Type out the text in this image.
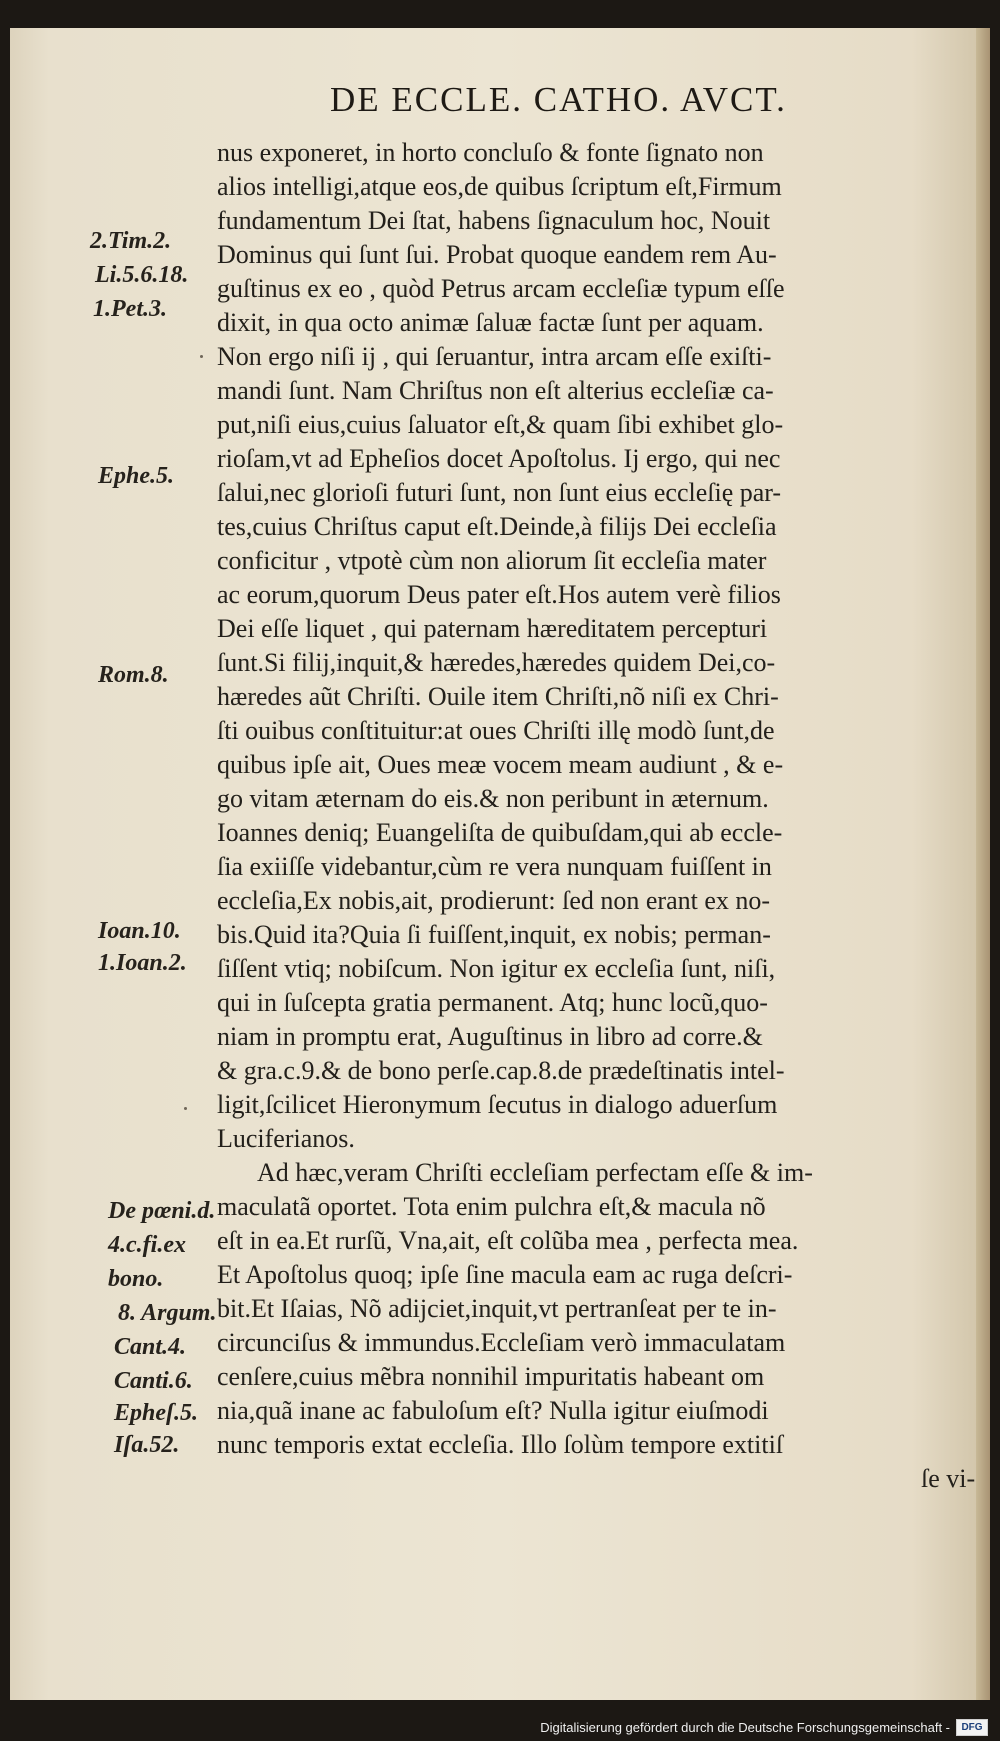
DE ECCLE. CATHO. AVCT.
nus exponeret, in horto concluſo & fonte ſignato non
alios intelligi,atque eos,de quibus ſcriptum eſt,Firmum
fundamentum Dei ſtat, habens ſignaculum hoc, Nouit
Dominus qui ſunt ſui. Probat quoque eandem rem Au-
guſtinus ex eo , quòd Petrus arcam eccleſiæ typum eſſe
dixit, in qua octo animæ ſaluæ factæ ſunt per aquam.
Non ergo niſi ij , qui ſeruantur, intra arcam eſſe exiſti-
mandi ſunt. Nam Chriſtus non eſt alterius eccleſiæ ca-
put,niſi eius,cuius ſaluator eſt,& quam ſibi exhibet glo-
rioſam,vt ad Epheſios docet Apoſtolus. Ij ergo, qui nec
ſalui,nec glorioſi futuri ſunt, non ſunt eius eccleſię par-
tes,cuius Chriſtus caput eſt.Deinde,à filijs Dei eccleſia
conficitur , vtpotè cùm non aliorum ſit eccleſia mater
ac eorum,quorum Deus pater eſt.Hos autem verè filios
Dei eſſe liquet , qui paternam hæreditatem percepturi
ſunt.Si filij,inquit,& hæredes,hæredes quidem Dei,co-
hæredes aũt Chriſti. Ouile item Chriſti,nõ niſi ex Chri-
ſti ouibus conſtituitur:at oues Chriſti illę modò ſunt,de
quibus ipſe ait, Oues meæ vocem meam audiunt , & e-
go vitam æternam do eis.& non peribunt in æternum.
Ioannes deniq; Euangeliſta de quibuſdam,qui ab eccle-
ſia exiiſſe videbantur,cùm re vera nunquam fuiſſent in
eccleſia,Ex nobis,ait, prodierunt: ſed non erant ex no-
bis.Quid ita?Quia ſi fuiſſent,inquit, ex nobis; perman-
ſiſſent vtiq; nobiſcum. Non igitur ex eccleſia ſunt, niſi,
qui in ſuſcepta gratia permanent. Atq; hunc locũ,quo-
niam in promptu erat, Auguſtinus in libro ad corre.&
& gra.c.9.& de bono perſe.cap.8.de prædeſtinatis intel-
ligit,ſcilicet Hieronymum ſecutus in dialogo aduerſum
Luciferianos.
Ad hæc,veram Chriſti eccleſiam perfectam eſſe & im-
maculatã oportet. Tota enim pulchra eſt,& macula nõ
eſt in ea.Et rurſũ, Vna,ait, eſt colũba mea , perfecta mea.
Et Apoſtolus quoq; ipſe ſine macula eam ac ruga deſcri-
bit.Et Iſaias, Nõ adijciet,inquit,vt pertranſeat per te in-
circunciſus & immundus.Eccleſiam verò immaculatam
cenſere,cuius mẽbra nonnihil impuritatis habeant om
nia,quã inane ac fabuloſum eſt? Nulla igitur eiuſmodi
nunc temporis extat eccleſia. Illo ſolùm tempore extitiſ
ſe vi-
2.Tim.2.
Li.5.6.18.
1.Pet.3.
Ephe.5.
Rom.8.
Ioan.10.
1.Ioan.2.
De pœni.d.
4.c.fi.ex
bono.
8. Argum.
Cant.4.
Canti.6.
Epheſ.5.
Iſa.52.
Digitalisierung gefördert durch die Deutsche Forschungsgemeinschaft -	DFG
